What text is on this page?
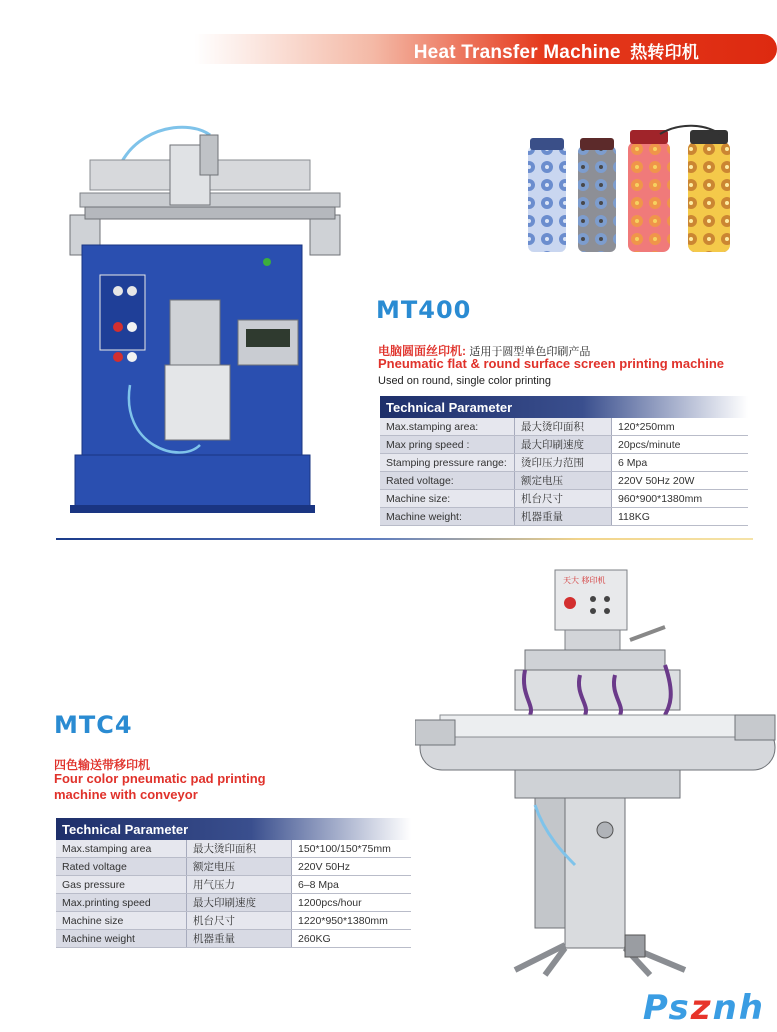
Heat Transfer Machine 热转印机
MT400
电脑圆面丝印机: 适用于圆型单色印刷产品
Pneumatic flat & round surface screen printing machine
Used on round, single color printing
Technical Parameter		
Max.stamping area:	最大烫印面积	120*250mm
Max pring speed :	最大印刷速度	20pcs/minute
Stamping pressure range:	烫印压力范围	6 Mpa
Rated voltage:	额定电压	220V 50Hz 20W
Machine size:	机台尺寸	960*900*1380mm
Machine weight:	机器重量	118KG
天大 移印机
MTC4
四色输送带移印机
Four color pneumatic pad printing
machine with conveyor
Technical Parameter		
Max.stamping area	最大烫印面积	150*100/150*75mm
Rated voltage	额定电压	220V 50Hz
Gas pressure	用气压力	6–8 Mpa
Max.printing speed	最大印刷速度	1200pcs/hour
Machine size	机台尺寸	1220*950*1380mm
Machine weight	机器重量	260KG
Psznh
